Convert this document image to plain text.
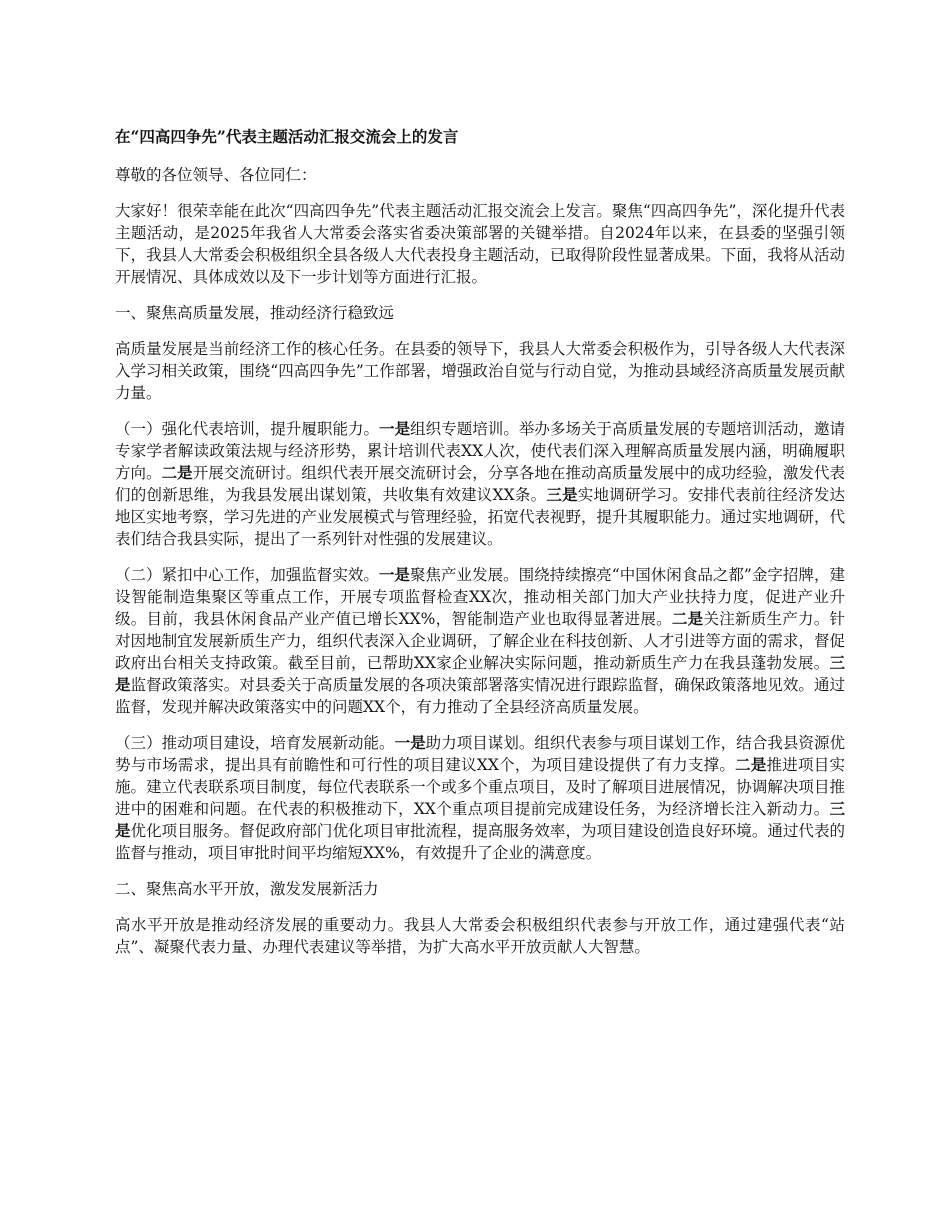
在“四高四争先”代表主题活动汇报交流会上的发言

尊敬的各位领导、各位同仁：

大家好！很荣幸能在此次“四高四争先”代表主题活动汇报交流会上发言。聚焦“四高四争先”，深化提升代表主题活动，是2025年我省人大常委会落实省委决策部署的关键举措。自2024年以来，在县委的坚强引领下，我县人大常委会积极组织全县各级人大代表投身主题活动，已取得阶段性显著成果。下面，我将从活动开展情况、具体成效以及下一步计划等方面进行汇报。

一、聚焦高质量发展，推动经济行稳致远

高质量发展是当前经济工作的核心任务。在县委的领导下，我县人大常委会积极作为，引导各级人大代表深入学习相关政策，围绕“四高四争先”工作部署，增强政治自觉与行动自觉，为推动县域经济高质量发展贡献力量。

（一）强化代表培训，提升履职能力。一是组织专题培训。举办多场关于高质量发展的专题培训活动，邀请专家学者解读政策法规与经济形势，累计培训代表XX人次，使代表们深入理解高质量发展内涵，明确履职方向。二是开展交流研讨。组织代表开展交流研讨会，分享各地在推动高质量发展中的成功经验，激发代表们的创新思维，为我县发展出谋划策，共收集有效建议XX条。三是实地调研学习。安排代表前往经济发达地区实地考察，学习先进的产业发展模式与管理经验，拓宽代表视野，提升其履职能力。通过实地调研，代表们结合我县实际，提出了一系列针对性强的发展建议。

（二）紧扣中心工作，加强监督实效。一是聚焦产业发展。围绕持续擦亮“中国休闲食品之都”金字招牌，建设智能制造集聚区等重点工作，开展专项监督检查XX次，推动相关部门加大产业扶持力度，促进产业升级。目前，我县休闲食品产业产值已增长XX%，智能制造产业也取得显著进展。二是关注新质生产力。针对因地制宜发展新质生产力，组织代表深入企业调研，了解企业在科技创新、人才引进等方面的需求，督促政府出台相关支持政策。截至目前，已帮助XX家企业解决实际问题，推动新质生产力在我县蓬勃发展。三是监督政策落实。对县委关于高质量发展的各项决策部署落实情况进行跟踪监督，确保政策落地见效。通过监督，发现并解决政策落实中的问题XX个，有力推动了全县经济高质量发展。

（三）推动项目建设，培育发展新动能。一是助力项目谋划。组织代表参与项目谋划工作，结合我县资源优势与市场需求，提出具有前瞻性和可行性的项目建议XX个，为项目建设提供了有力支撑。二是推进项目实施。建立代表联系项目制度，每位代表联系一个或多个重点项目，及时了解项目进展情况，协调解决项目推进中的困难和问题。在代表的积极推动下，XX个重点项目提前完成建设任务，为经济增长注入新动力。三是优化项目服务。督促政府部门优化项目审批流程，提高服务效率，为项目建设创造良好环境。通过代表的监督与推动，项目审批时间平均缩短XX%，有效提升了企业的满意度。

二、聚焦高水平开放，激发发展新活力

高水平开放是推动经济发展的重要动力。我县人大常委会积极组织代表参与开放工作，通过建强代表“站点”、凝聚代表力量、办理代表建议等举措，为扩大高水平开放贡献人大智慧。
